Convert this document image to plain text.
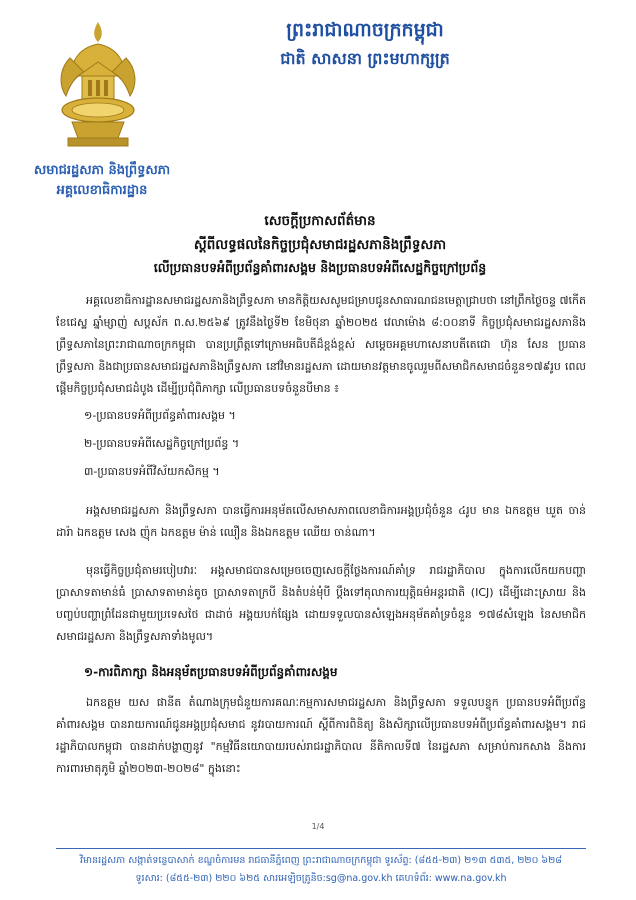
ព្រះរាជាណាចក្រកម្ពុជា
ជាតិ សាសនា ព្រះមហាក្សត្រ
សមាជរដ្ឋសភា និងព្រឹទ្ធសភា
អគ្គលេខាធិការដ្ឋាន
សេចក្តីប្រកាសព័ត៌មាន
ស្តីពីលទ្ធផលនៃកិច្ចប្រជុំសមាជរដ្ឋសភានិងព្រឹទ្ធសភា
លើប្រធានបទអំពីប្រព័ន្ធគាំពារសង្គម និងប្រធានបទអំពីសេដ្ឋកិច្ចក្រៅប្រព័ន្ធ
អគ្គលេខាធិការដ្ឋានសមាជរដ្ឋសភានិងព្រឹទ្ធសភា មានកិត្តិយសសូមជម្រាបជូនសាធារណជនមេត្តាជ្រាបថា នៅព្រឹកថ្ងៃចន្ទ ៧កើត ខែជេស្ឋ ឆ្នាំម្សាញ់ សប្តស័ក ព.ស.២៥៦៩ ត្រូវនឹងថ្ងៃទី២ ខែមិថុនា ឆ្នាំ២០២៥ វេលាម៉ោង ៨:០០នាទី កិច្ចប្រជុំសមាជរដ្ឋសភានិងព្រឹទ្ធសភានៃព្រះរាជាណាចក្រកម្ពុជា បានប្រព្រឹត្តទៅក្រោមអធិបតីដ៏ខ្ពង់ខ្ពស់ សម្តេចអគ្គមហាសេនាបតីតេជោ ហ៊ុន សែន ប្រធានព្រឹទ្ធសភា និងជាប្រធានសមាជរដ្ឋសភានិងព្រឹទ្ធសភា នៅវិមានរដ្ឋសភា ដោយមានវត្តមានចូលរួមពីសមាជិកសមាជចំនួន១៧៩រូប ពេលផ្តើមកិច្ចប្រជុំសមាជដំបូង ដើម្បីប្រជុំពិភាក្សា លើប្រធានបទចំនួនបីមាន ៖
១-ប្រធានបទអំពីប្រព័ន្ធគាំពារសង្គម ។
២-ប្រធានបទអំពីសេដ្ឋកិច្ចក្រៅប្រព័ន្ធ ។
៣-ប្រធានបទអំពីវិស័យកសិកម្ម ។
អង្គសមាជរដ្ឋសភា និងព្រឹទ្ធសភា បានធ្វើការអនុម័តលើសមាសភាពលេខាធិការអង្គប្រជុំចំនួន ៤រូប មាន ឯកឧត្តម ឃួត ចាន់ដារ៉ា ឯកឧត្តម សេង ញ៉ុក ឯកឧត្តម ម៉ាន់ ឈឿន និងឯកឧត្តម ឈើយ ចាន់ណា។
មុនធ្វើកិច្ចប្រជុំតាមរបៀបវារៈ អង្គសមាជបានសម្រេចចេញសេចក្តីថ្លែងការណ៍គាំទ្រ រាជរដ្ឋាភិបាល ក្នុងការលើកយកបញ្ហាប្រាសាទតាមាន់ធំ ប្រាសាទតាមាន់តូច ប្រាសាទតាក្របី និងតំបន់មុំបី ប្តឹងទៅតុលាការយុត្តិធម៌អន្តរជាតិ (ICJ) ដើម្បីដោះស្រាយ និងបញ្ចប់បញ្ហាព្រំដែនជាមួយប្រទេសថៃ ជាដាច់ អង្គយបក់ផ្សែង ដោយទទួលបានសំឡេងអនុម័តគាំទ្រចំនួន ១៧៨សំឡេង នៃសមាជិកសមាជរដ្ឋសភា និងព្រឹទ្ធសភាទាំងមូល។
១-ការពិភាក្សា និងអនុម័តប្រធានបទអំពីប្រព័ន្ធគាំពារសង្គម
ឯកឧត្តម យស ផានីត តំណាងក្រុមជំនួយការគណៈកម្មការសមាជរដ្ឋសភា និងព្រឹទ្ធសភា ទទួលបន្ទុក ប្រធានបទអំពីប្រព័ន្ធគាំពារសង្គម បានរាយការណ៍ជូនអង្គប្រជុំសមាជ នូវរបាយការណ៍ ស្តីពីការពិនិត្យ និងសិក្សាលើប្រធានបទអំពីប្រព័ន្ធគាំពារសង្គម។ រាជរដ្ឋាភិបាលកម្ពុជា បានដាក់បង្ហាញនូវ "កម្មវិធីនយោបាយរបស់រាជរដ្ឋាភិបាល នីតិកាលទី៧ នៃរដ្ឋសភា សម្រាប់ការកសាង និងការការពារមាតុភូមិ ឆ្នាំ២០២៣-២០២៨" ក្នុងនោះ
1/4
វិមានរដ្ឋសភា សង្កាត់ទន្លេបាសាក់ ខណ្ឌចំការមន រាជធានីភ្នំពេញ ព្រះរាជាណាចក្រកម្ពុជា ទូរស័ព្ទ: (៨៥៥-២៣) ២១៣ ៥៣៥, ២២០ ៦២៨
ទូរសារ: (៨៥៥-២៣) ២២០ ៦២៥ សារអេឡិចត្រូនិច:sg@na.gov.kh គេហទំព័រ: www.na.gov.kh
